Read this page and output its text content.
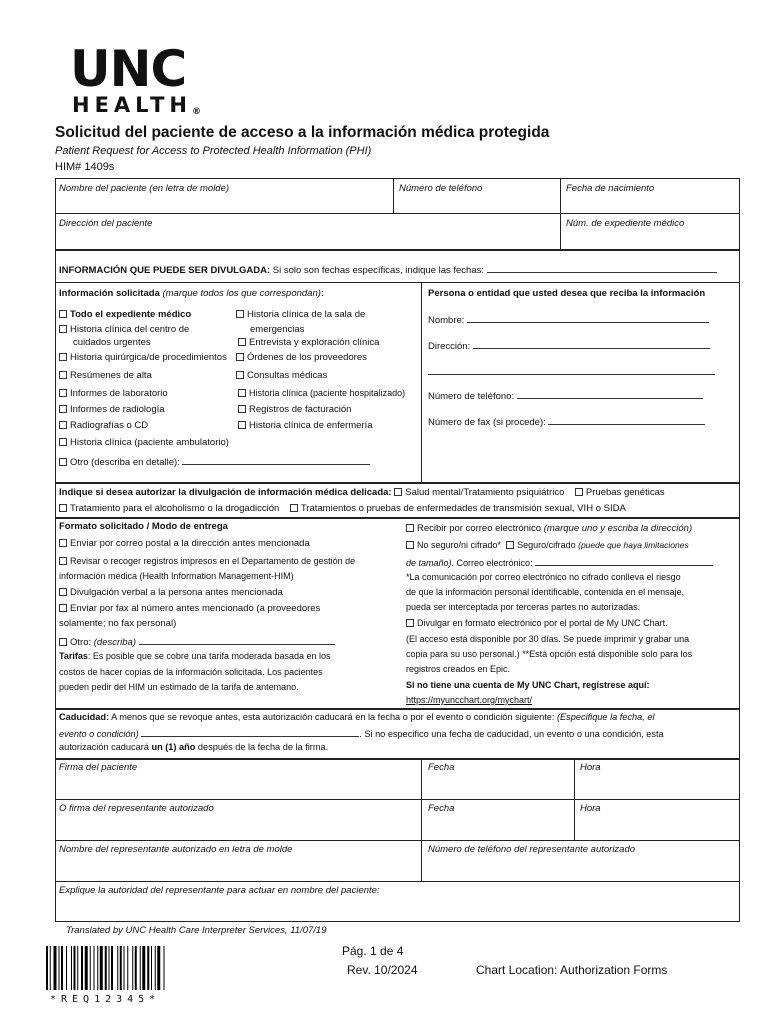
UNC
HEALTH®
Solicitud del paciente de acceso a la información médica protegida
Patient Request for Access to Protected Health Information (PHI)
HIM# 1409s
Nombre del paciente (en letra de molde)	Número de teléfono	Fecha de nacimiento
Dirección del paciente	Núm. de expediente médico
INFORMACIÓN QUE PUEDE SER DIVULGADA: Si solo son fechas específicas, indique las fechas:
Información solicitada (marque todos los que correspondan):
Todo el expediente médico
Historia clínica del centro de
cuidados urgentes
Historia quirúrgica/de procedimientos
Resúmenes de alta
Informes de laboratorio
Informes de radiología
Radiografías o CD
Historia clínica (paciente ambulatorio)
Otro (describa en detalle):
Historia clínica de la sala de
emergencias
Entrevista y exploración clínica
Órdenes de los proveedores
Consultas médicas
Historia clínica (paciente hospitalizado)
Registros de facturación
Historia clínica de enfermería
Persona o entidad que usted desea que reciba la información
Nombre:
Dirección:
Número de teléfono:
Número de fax (si procede):
Indique si desea autorizar la divulgación de información médica delicada: Salud mental/Tratamiento psiquiátrico Pruebas genéticas
Tratamiento para el alcoholismo o la drogadicción Tratamientos o pruebas de enfermedades de transmisión sexual, VIH o SIDA
Formato solicitado / Modo de entrega
Enviar por correo postal a la dirección antes mencionada
Revisar o recoger registros impresos en el Departamento de gestión de
información médica (Health Information Management-HIM)
Divulgación verbal a la persona antes mencionada
Enviar por fax al número antes mencionado (a proveedores
solamente; no fax personal)
Otro: (describa)
Tarifas: Es posible que se cobre una tarifa moderada basada en los
costos de hacer copias de la información solicitada. Los pacientes
pueden pedir del HIM un estimado de la tarifa de antemano.
Recibir por correo electrónico (marque uno y escriba la dirección)
No seguro/ni cifrado* Seguro/cifrado (puede que haya limitaciones
de tamaño). Correo electrónico:
*La comunicación por correo electrónico no cifrado conlleva el riesgo
de que la información personal identificable, contenida en el mensaje,
pueda ser interceptada por terceras partes no autorizadas.
Divulgar en formato electrónico por el portal de My UNC Chart.
(El acceso está disponible por 30 días. Se puede imprimir y grabar una
copia para su uso personal.) **Está opción está disponible solo para los
registros creados en Epic.
Si no tiene una cuenta de My UNC Chart, regístrese aquí:
https://myuncchart.org/mychart/
Caducidad: A menos que se revoque antes, esta autorización caducará en la fecha o por el evento o condición siguiente: (Especifique la fecha, el
evento o condición)	. Si no especifico una fecha de caducidad, un evento o una condición, esta
autorización caducará un (1) año después de la fecha de la firma.
Firma del paciente	Fecha	Hora
O firma del representante autorizado	Fecha	Hora
Nombre del representante autorizado en letra de molde	Número de teléfono del representante autorizado
Explique la autoridad del representante para actuar en nombre del paciente:
Translated by UNC Health Care Interpreter Services, 11/07/19
*REQ12345*
Pág. 1 de 4
Rev. 10/2024	Chart Location: Authorization Forms
